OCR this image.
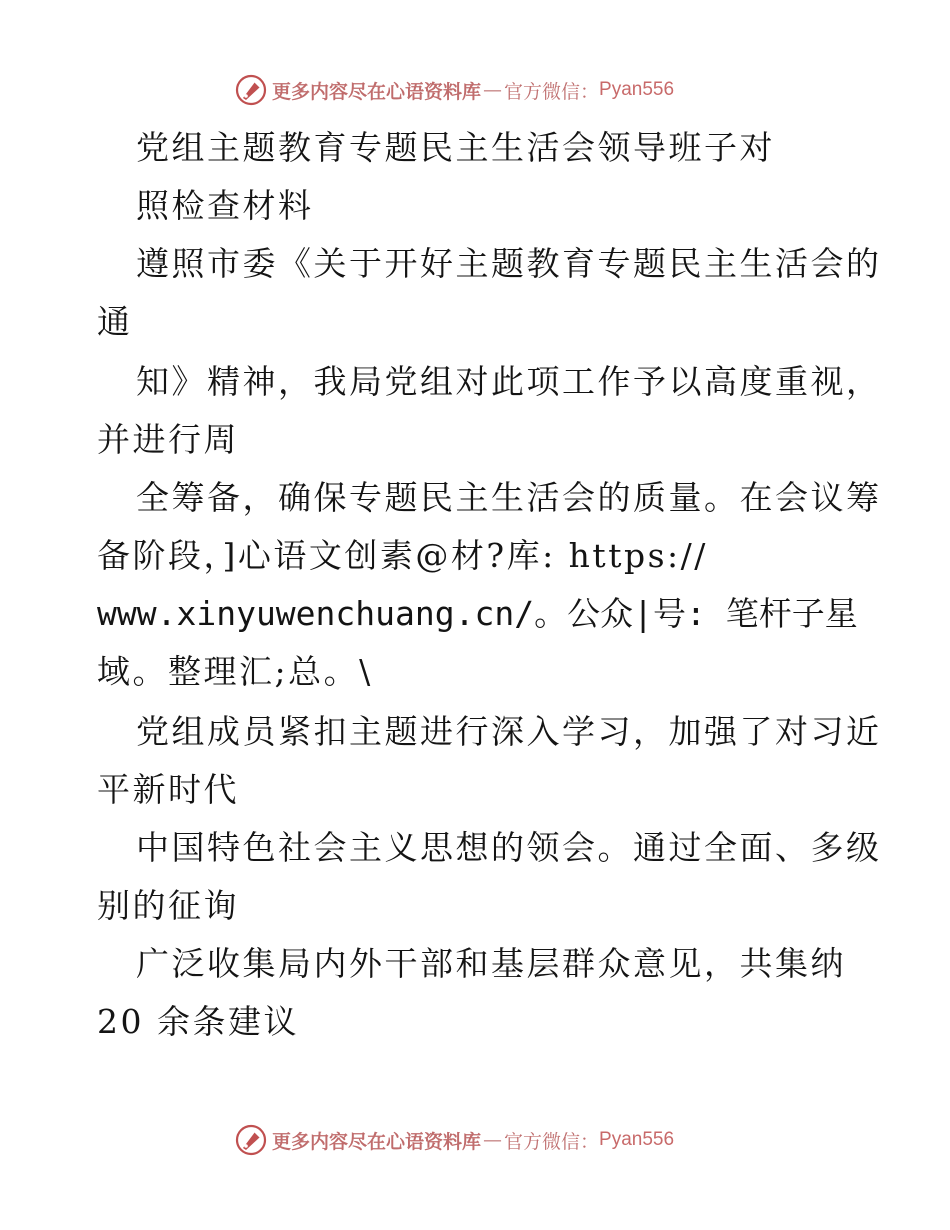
更多内容尽在心语资料库 — 官方微信： Pyan556
党组主题教育专题民主生活会领导班子对
照检查材料
遵照市委《关于开好主题教育专题民主生活会的
通
知》精神，我局党组对此项工作予以高度重视，
并进行周
全筹备，确保专题民主生活会的质量。在会议筹
备阶段，]心语文创素@材?库: https://
www.xinyuwenchuang.cn/。公众|号: 笔杆子星
域。整理汇;总。\
党组成员紧扣主题进行深入学习，加强了对习近
平新时代
中国特色社会主义思想的领会。通过全面、多级
别的征询
广泛收集局内外干部和基层群众意见，共集纳
20 余条建议
更多内容尽在心语资料库 — 官方微信： Pyan556
